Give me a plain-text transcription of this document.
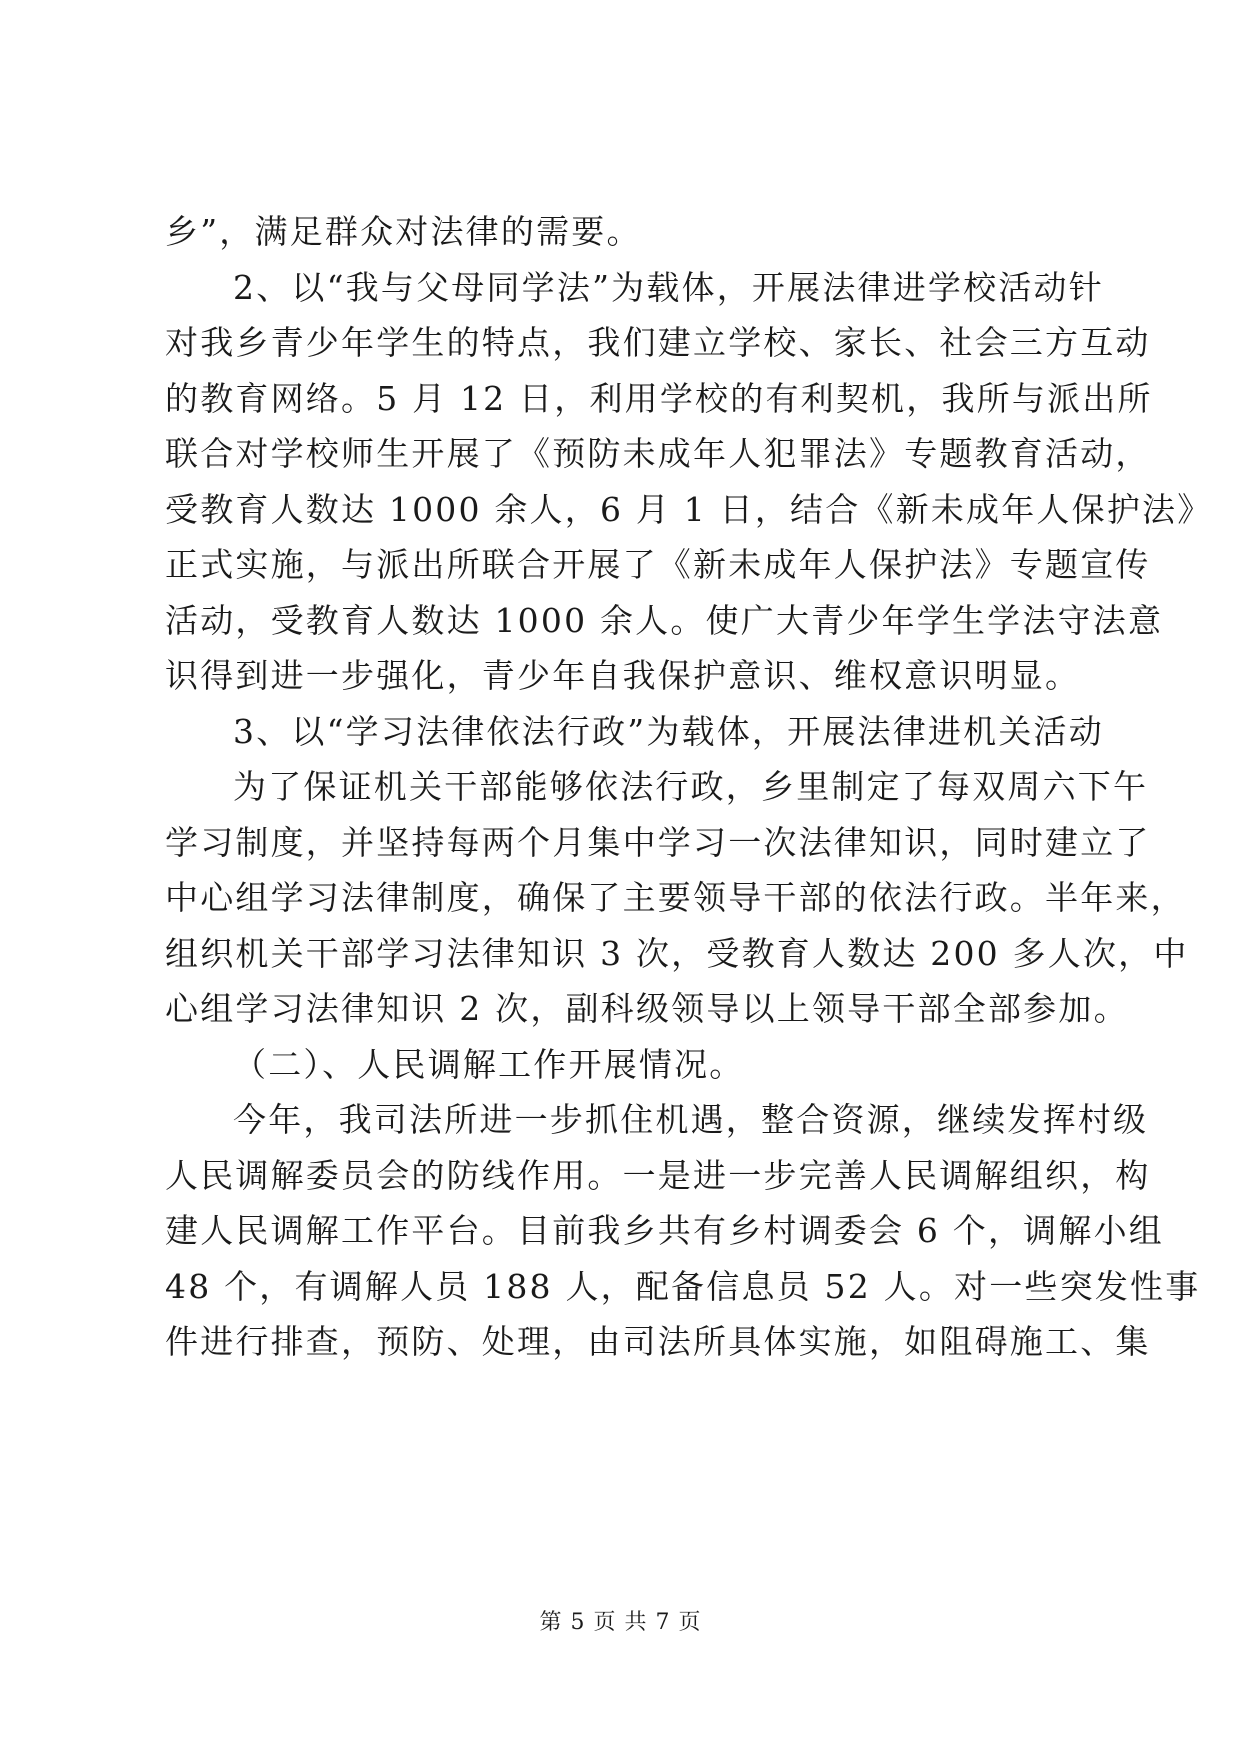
乡”，满足群众对法律的需要。
2、以“我与父母同学法”为载体，开展法律进学校活动针
对我乡青少年学生的特点，我们建立学校、家长、社会三方互动
的教育网络。5 月 12 日，利用学校的有利契机，我所与派出所
联合对学校师生开展了《预防未成年人犯罪法》专题教育活动，
受教育人数达 1000 余人，6 月 1 日，结合《新未成年人保护法》
正式实施，与派出所联合开展了《新未成年人保护法》专题宣传
活动，受教育人数达 1000 余人。使广大青少年学生学法守法意
识得到进一步强化，青少年自我保护意识、维权意识明显。
3、以“学习法律依法行政”为载体，开展法律进机关活动
为了保证机关干部能够依法行政，乡里制定了每双周六下午
学习制度，并坚持每两个月集中学习一次法律知识，同时建立了
中心组学习法律制度，确保了主要领导干部的依法行政。半年来，
组织机关干部学习法律知识 3 次，受教育人数达 200 多人次，中
心组学习法律知识 2 次，副科级领导以上领导干部全部参加。
（二）、人民调解工作开展情况。
今年，我司法所进一步抓住机遇，整合资源，继续发挥村级
人民调解委员会的防线作用。一是进一步完善人民调解组织，构
建人民调解工作平台。目前我乡共有乡村调委会 6 个，调解小组
48 个，有调解人员 188 人，配备信息员 52 人。对一些突发性事
件进行排查，预防、处理，由司法所具体实施，如阻碍施工、集
第 5 页 共 7 页
